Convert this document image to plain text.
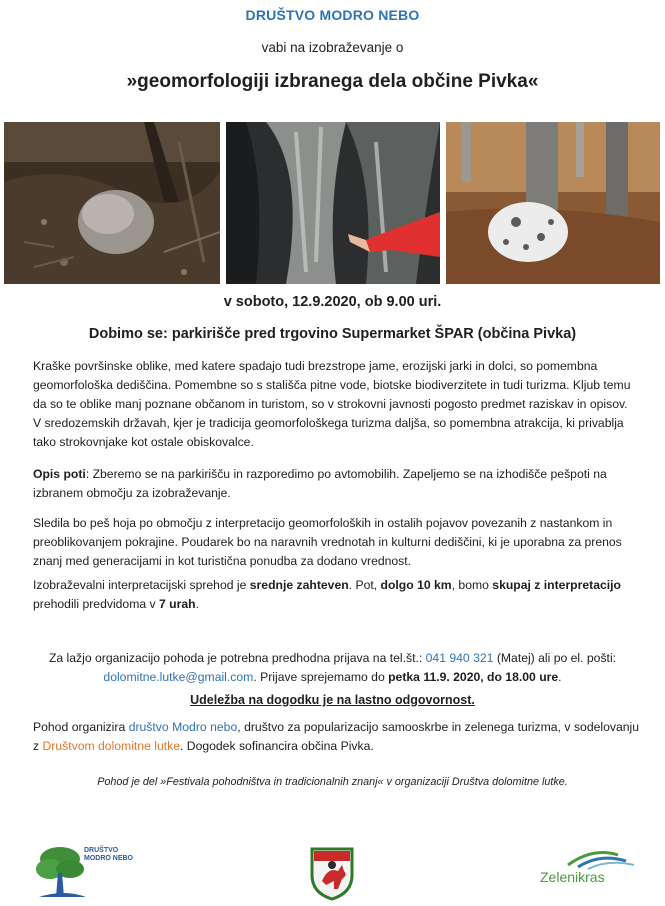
DRUŠTVO MODRO NEBO
vabi na izobraževanje o
»geomorfologiji izbranega dela občine Pivka«
v soboto, 12.9.2020, ob 9.00 uri.
Dobimo se: parkirišče pred trgovino Supermarket ŠPAR (občina Pivka)
Kraške površinske oblike, med katere spadajo tudi brezstrope jame, erozijski jarki in dolci, so pomembna geomorfološka dediščina. Pomembne so s stališča pitne vode, biotske biodiverzitete in tudi turizma. Kljub temu da so te oblike manj poznane občanom in turistom, so v strokovni javnosti pogosto predmet raziskav in opisov. V sredozemskih državah, kjer je tradicija geomorfološkega turizma daljša, so pomembna atrakcija, ki privablja tako strokovnjake kot ostale obiskovalce.
Opis poti: Zberemo se na parkirišču in razporedimo po avtomobilih. Zapeljemo se na izhodišče pešpoti na izbranem območju za izobraževanje.
Sledila bo peš hoja po območju z interpretacijo geomorfoloških in ostalih pojavov povezanih z nastankom in preoblikovanjem pokrajine. Poudarek bo na naravnih vrednotah in kulturni dediščini, ki je uporabna za prenos znanj med generacijami in kot turistična ponudba za dodano vrednost.
Izobraževalni interpretacijski sprehod je srednje zahteven. Pot, dolgo 10 km, bomo skupaj z interpretacijo prehodili predvidoma v 7 urah.
Za lažjo organizacijo pohoda je potrebna predhodna prijava na tel.št.: 041 940 321 (Matej) ali po el. pošti: dolomitne.lutke@gmail.com. Prijave sprejemamo do petka 11.9. 2020, do 18.00 ure.
Udeležba na dogodku je na lastno odgovornost.
Pohod organizira društvo Modro nebo, društvo za popularizacijo samooskrbe in zelenega turizma, v sodelovanju z Društvom dolomitne lutke. Dogodek sofinancira občina Pivka.
Pohod je del »Festivala pohodništva in tradicionalnih znanj« v organizaciji Društva dolomitne lutke.
DRUŠTVO MODRO NEBO
Zelenikras
